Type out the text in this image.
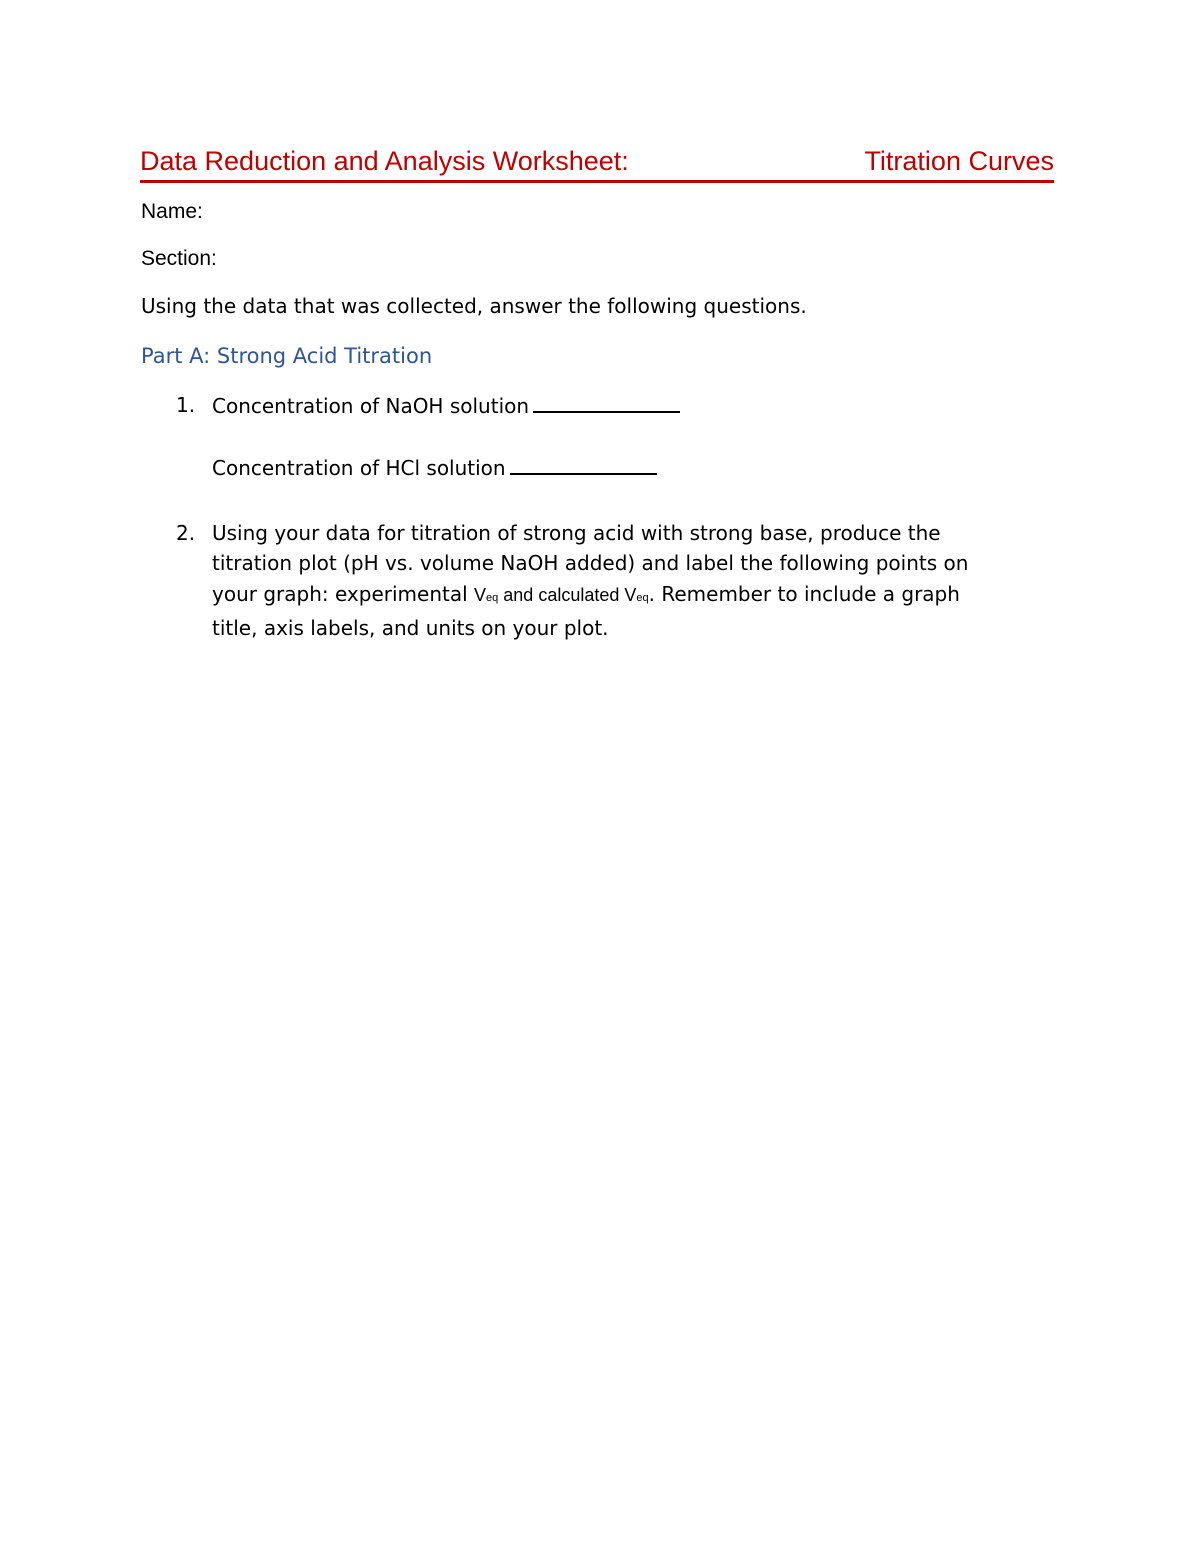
Data Reduction and Analysis Worksheet:	Titration Curves
Name:
Section:
Using the data that was collected, answer the following questions.
Part A: Strong Acid Titration
1. Concentration of NaOH solution
Concentration of HCl solution
2. Using your data for titration of strong acid with strong base, produce the
titration plot (pH vs. volume NaOH added) and label the following points on
your graph: experimental Veq and calculated Veq. Remember to include a graph
title, axis labels, and units on your plot.
